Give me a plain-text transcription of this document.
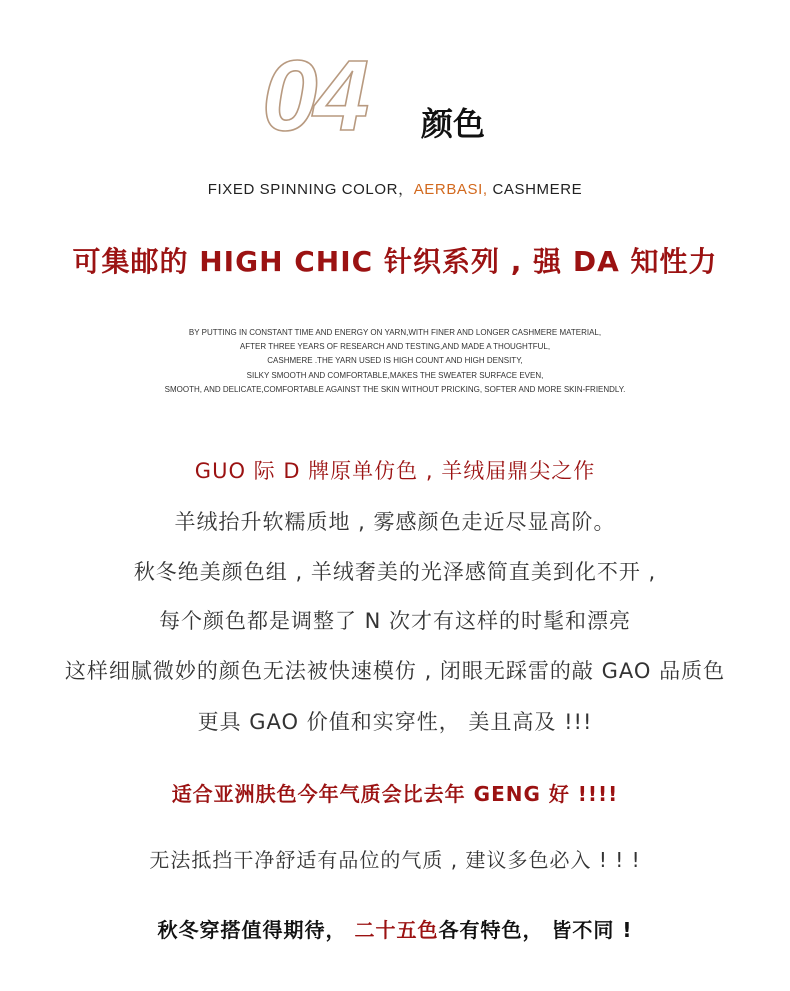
04 颜色
FIXED SPINNING COLOR，AERBASI, CASHMERE
可集邮的 HIGH CHIC 针织系列 , 强 DA 知性力
BY PUTTING IN CONSTANT TIME AND ENERGY ON YARN,WITH FINER AND LONGER CASHMERE MATERIAL,
AFTER THREE YEARS OF RESEARCH AND TESTING,AND MADE A THOUGHTFUL,
CASHMERE .THE YARN USED IS HIGH COUNT AND HIGH DENSITY,
SILKY SMOOTH AND COMFORTABLE,MAKES THE SWEATER SURFACE EVEN,
SMOOTH, AND DELICATE,COMFORTABLE AGAINST THE SKIN WITHOUT PRICKING, SOFTER AND MORE SKIN-FRIENDLY.
GUO 际 D 牌原单仿色 , 羊绒届鼎尖之作
羊绒抬升软糯质地 , 雾感颜色走近尽显高阶。
秋冬绝美颜色组 , 羊绒奢美的光泽感简直美到化不开 ,
每个颜色都是调整了 N 次才有这样的时髦和漂亮
这样细腻微妙的颜色无法被快速模仿 , 闭眼无踩雷的敲 GAO 品质色
更具 GAO 价值和实穿性， 美且高及 !!!
适合亚洲肤色今年气质会比去年 GENG 好 !!!!
无法抵挡干净舒适有品位的气质 , 建议多色必入 ! ! !
秋冬穿搭值得期待， 二十五色各有特色， 皆不同 !
